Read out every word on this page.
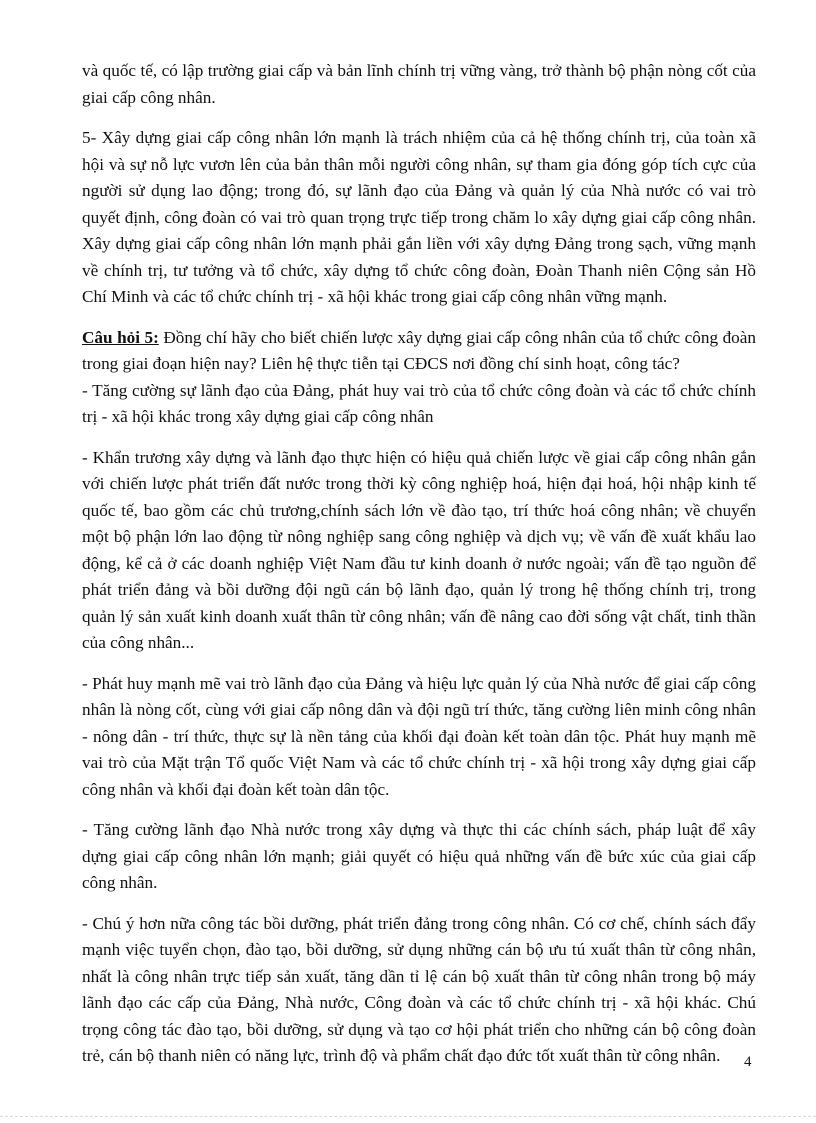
và quốc tế, có lập trường giai cấp và bản lĩnh chính trị vững vàng, trở thành bộ phận nòng cốt của giai cấp công nhân.

5- Xây dựng giai cấp công nhân lớn mạnh là trách nhiệm của cả hệ thống chính trị, của toàn xã hội và sự nỗ lực vươn lên của bản thân mỗi người công nhân, sự tham gia đóng góp tích cực của người sử dụng lao động; trong đó, sự lãnh đạo của Đảng và quản lý của Nhà nước có vai trò quyết định, công đoàn có vai trò quan trọng trực tiếp trong chăm lo xây dựng giai cấp công nhân. Xây dựng giai cấp công nhân lớn mạnh phải gắn liền với xây dựng Đảng trong sạch, vững mạnh về chính trị, tư tưởng và tổ chức, xây dựng tổ chức công đoàn, Đoàn Thanh niên Cộng sản Hồ Chí Minh và các tổ chức chính trị - xã hội khác trong giai cấp công nhân vững mạnh.

Câu hỏi 5: Đồng chí hãy cho biết chiến lược xây dựng giai cấp công nhân của tổ chức công đoàn trong giai đoạn hiện nay? Liên hệ thực tiễn tại CĐCS nơi đồng chí sinh hoạt, công tác?

- Tăng cường sự lãnh đạo của Đảng, phát huy vai trò của tổ chức công đoàn và các tổ chức chính trị - xã hội khác trong xây dựng giai cấp công nhân

- Khẩn trương xây dựng và lãnh đạo thực hiện có hiệu quả chiến lược về giai cấp công nhân gắn với chiến lược phát triển đất nước trong thời kỳ công nghiệp hoá, hiện đại hoá, hội nhập kinh tế quốc tế, bao gồm các chủ trương,chính sách lớn về đào tạo, trí thức hoá công nhân; về chuyển một bộ phận lớn lao động từ nông nghiệp sang công nghiệp và dịch vụ; về vấn đề xuất khẩu lao động, kể cả ở các doanh nghiệp Việt Nam đầu tư kinh doanh ở nước ngoài; vấn đề tạo nguồn để phát triển đảng và bồi dưỡng đội ngũ cán bộ lãnh đạo, quản lý trong hệ thống chính trị, trong quản lý sản xuất kinh doanh xuất thân từ công nhân; vấn đề nâng cao đời sống vật chất, tinh thần của công nhân...

- Phát huy mạnh mẽ vai trò lãnh đạo của Đảng và hiệu lực quản lý của Nhà nước để giai cấp công nhân là nòng cốt, cùng với giai cấp nông dân và đội ngũ trí thức, tăng cường liên minh công nhân - nông dân - trí thức, thực sự là nền tảng của khối đại đoàn kết toàn dân tộc. Phát huy mạnh mẽ vai trò của Mặt trận Tổ quốc Việt Nam và các tổ chức chính trị - xã hội trong xây dựng giai cấp công nhân và khối đại đoàn kết toàn dân tộc.

- Tăng cường lãnh đạo Nhà nước trong xây dựng và thực thi các chính sách, pháp luật để xây dựng giai cấp công nhân lớn mạnh; giải quyết có hiệu quả những vấn đề bức xúc của giai cấp công nhân.

- Chú ý hơn nữa công tác bồi dưỡng, phát triển đảng trong công nhân. Có cơ chế, chính sách đẩy mạnh việc tuyển chọn, đào tạo, bồi dưỡng, sử dụng những cán bộ ưu tú xuất thân từ công nhân, nhất là công nhân trực tiếp sản xuất, tăng dần tỉ lệ cán bộ xuất thân từ công nhân trong bộ máy lãnh đạo các cấp của Đảng, Nhà nước, Công đoàn và các tổ chức chính trị - xã hội khác. Chú trọng công tác đào tạo, bồi dưỡng, sử dụng và tạo cơ hội phát triển cho những cán bộ công đoàn trẻ, cán bộ thanh niên có năng lực, trình độ và phẩm chất đạo đức tốt xuất thân từ công nhân.	4
